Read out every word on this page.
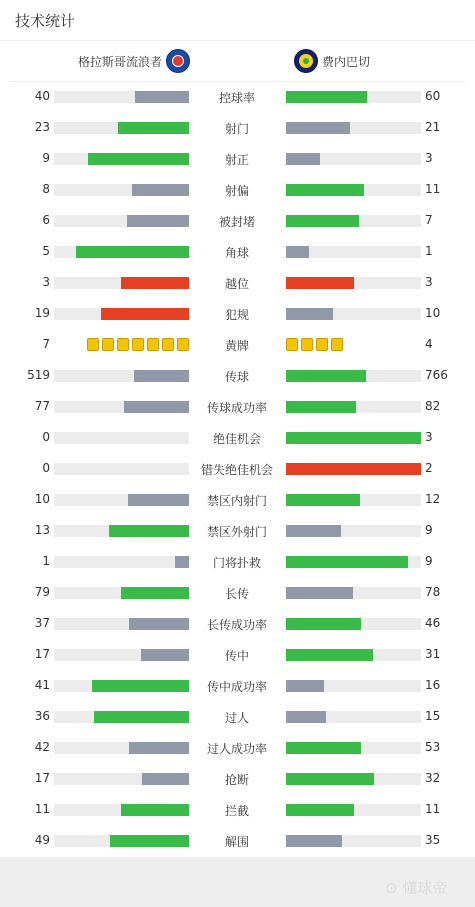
技术统计
格拉斯哥流浪者	费内巴切
40	控球率	60
23	射门	21
9	射正	3
8	射偏	11
6	被封堵	7
5	角球	1
3	越位	3
19	犯规	10
7	黄牌	4
519	传球	766
77	传球成功率	82
0	绝佳机会	3
0	错失绝佳机会	2
10	禁区内射门	12
13	禁区外射门	9
1	门将扑救	9
79	长传	78
37	长传成功率	46
17	传中	31
41	传中成功率	16
36	过人	15
42	过人成功率	53
17	抢断	32
11	拦截	11
49	解围	35
⊙ 懂球帝
